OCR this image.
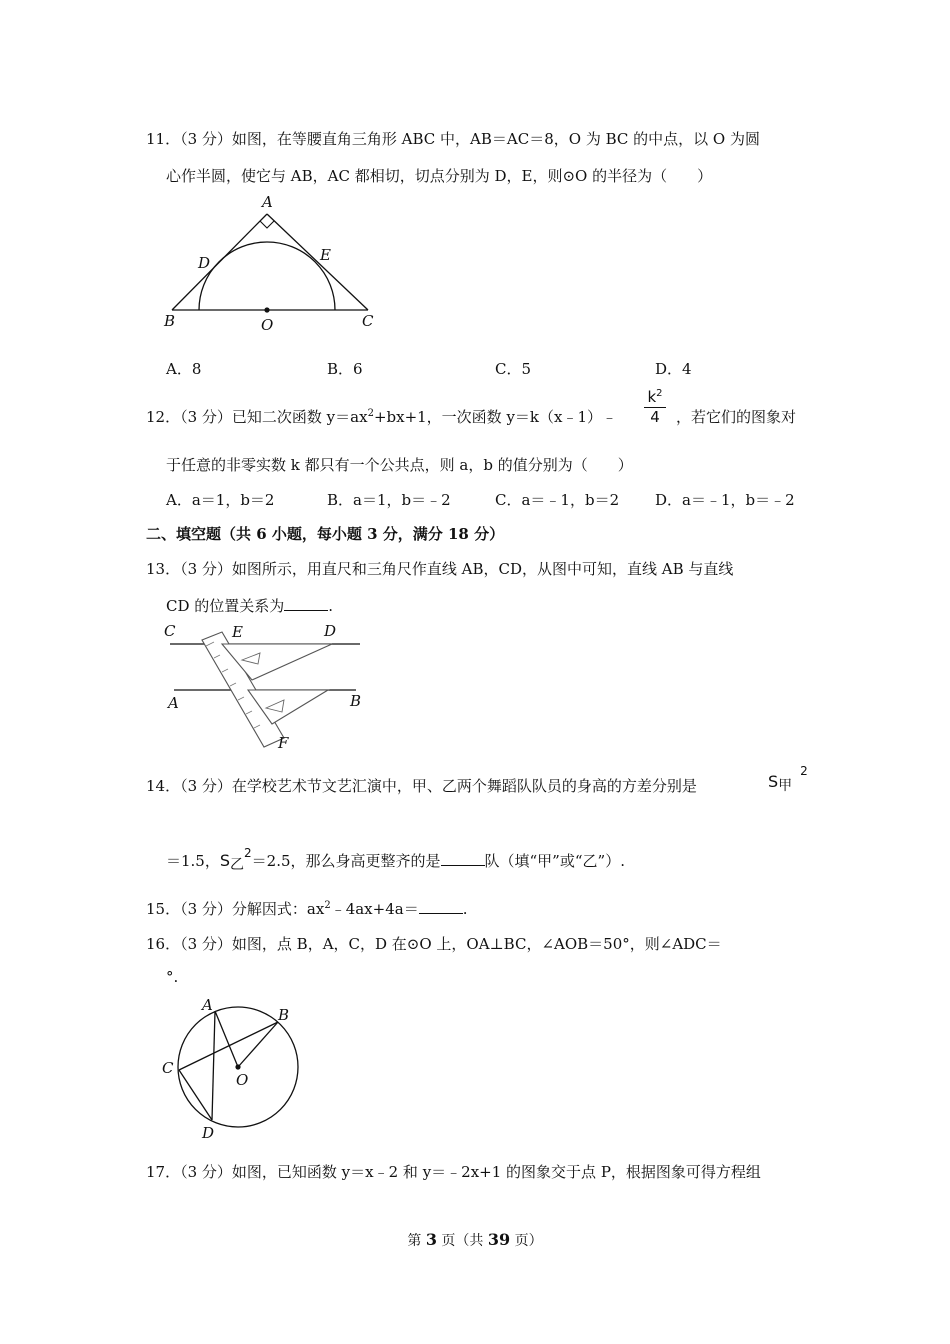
11．（3 分）如图，在等腰直角三角形 ABC 中，AB＝AC＝8，O 为 BC 的中点，以 O 为圆
心作半圆，使它与 AB，AC 都相切，切点分别为 D，E，则⊙O 的半径为（　　）
A
B	C
D	E
O
A．8	B．6	C．5	D．4
12．（3 分）已知二次函数 $y=ax^2+bx+1$，一次函数 y＝k（x﹣1）﹣ $\frac{k^2}{4}$ ，若它们的图象对
于任意的非零实数 k 都只有一个公共点，则 a，b 的值分别为（　　）
A．a＝1，b＝2	B．a＝1，b＝﹣2	C．a＝﹣1，b＝2 D．a＝﹣1，b＝﹣2
二、填空题（共 6 小题，每小题 3 分，满分 18 分）
13．（3 分）如图所示，用直尺和三角尺作直线 AB，CD，从图中可知，直线 AB 与直线
CD 的位置关系为	.
C	E	D
A	B
F
14．（3 分）在学校艺术节文艺汇演中，甲、乙两个舞蹈队队员的身高的方差分别是	S甲$^2$
＝1.5，S乙$^2$＝2.5，那么身高更整齐的是	队（填“甲”或“乙”）.
15．（3 分）分解因式：$ax^2﹣4ax+4a=$	.
16．（3 分）如图，点 B，A，C，D 在⊙O 上，OA⊥BC，∠AOB＝50°，则∠ADC＝
°.
A
B
C
D
O
17．（3 分）如图，已知函数 y＝x﹣2 和 y＝﹣2x+1 的图象交于点 P，根据图象可得方程组
第 3 页（共 39 页）
